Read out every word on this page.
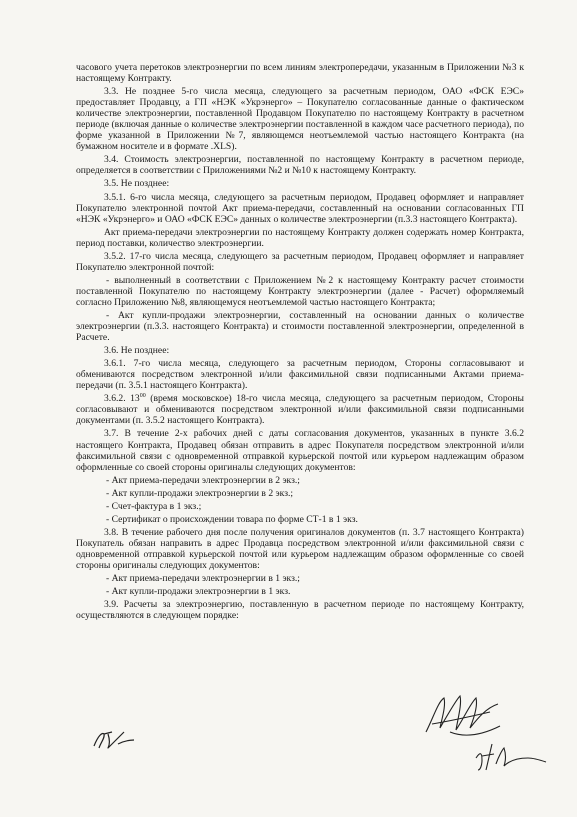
часового учета перетоков электроэнергии по всем линиям электропередачи, указанным в Приложении №3 к настоящему Контракту.

3.3. Не позднее 5-го числа месяца, следующего за расчетным периодом, ОАО «ФСК ЕЭС» предоставляет Продавцу, а ГП «НЭК «Укрэнерго» – Покупателю согласованные данные о фактическом количестве электроэнергии, поставленной Продавцом Покупателю по настоящему Контракту в расчетном периоде (включая данные о количестве электроэнергии поставленной в каждом часе расчетного периода), по форме указанной в Приложении №7, являющемся неотъемлемой частью настоящего Контракта (на бумажном носителе и в формате .XLS).

3.4. Стоимость электроэнергии, поставленной по настоящему Контракту в расчетном периоде, определяется в соответствии с Приложениями №2 и №10 к настоящему Контракту.

3.5. Не позднее:

3.5.1. 6-го числа месяца, следующего за расчетным периодом, Продавец оформляет и направляет Покупателю электронной почтой Акт приема-передачи, составленный на основании согласованных ГП «НЭК «Укрэнерго» и ОАО «ФСК ЕЭС» данных о количестве электроэнергии (п.3.3 настоящего Контракта).

Акт приема-передачи электроэнергии по настоящему Контракту должен содержать номер Контракта, период поставки, количество электроэнергии.

3.5.2. 17-го числа месяца, следующего за расчетным периодом, Продавец оформляет и направляет Покупателю электронной почтой:

- выполненный в соответствии с Приложением №2 к настоящему Контракту расчет стоимости поставленной Покупателю по настоящему Контракту электроэнергии (далее - Расчет) оформляемый согласно Приложению №8, являющемуся неотъемлемой частью настоящего Контракта;

- Акт купли-продажи электроэнергии, составленный на основании данных о количестве электроэнергии (п.3.3. настоящего Контракта) и стоимости поставленной электроэнергии, определенной в Расчете.

3.6. Не позднее:

3.6.1. 7-го числа месяца, следующего за расчетным периодом, Стороны согласовывают и обмениваются посредством электронной и/или факсимильной связи подписанными Актами приема-передачи (п. 3.5.1 настоящего Контракта).

3.6.2. $13^{00}$ (время московское) 18-го числа месяца, следующего за расчетным периодом, Стороны согласовывают и обмениваются посредством электронной и/или факсимильной связи подписанными документами (п. 3.5.2 настоящего Контракта).

3.7. В течение 2-х рабочих дней с даты согласования документов, указанных в пункте 3.6.2 настоящего Контракта, Продавец обязан отправить в адрес Покупателя посредством электронной и/или факсимильной связи с одновременной отправкой курьерской почтой или курьером надлежащим образом оформленные со своей стороны оригиналы следующих документов:

- Акт приема-передачи электроэнергии в 2 экз.;

- Акт купли-продажи электроэнергии в 2 экз.;

- Счет-фактура в 1 экз.;

- Сертификат о происхождении товара по форме СТ-1 в 1 экз.

3.8. В течение рабочего дня после получения оригиналов документов (п. 3.7 настоящего Контракта) Покупатель обязан направить в адрес Продавца посредством электронной и/или факсимильной связи с одновременной отправкой курьерской почтой или курьером надлежащим образом оформленные со своей стороны оригиналы следующих документов:

- Акт приема-передачи электроэнергии в 1 экз.;

- Акт купли-продажи электроэнергии в 1 экз.

3.9. Расчеты за электроэнергию, поставленную в расчетном периоде по настоящему Контракту, осуществляются в следующем порядке:
